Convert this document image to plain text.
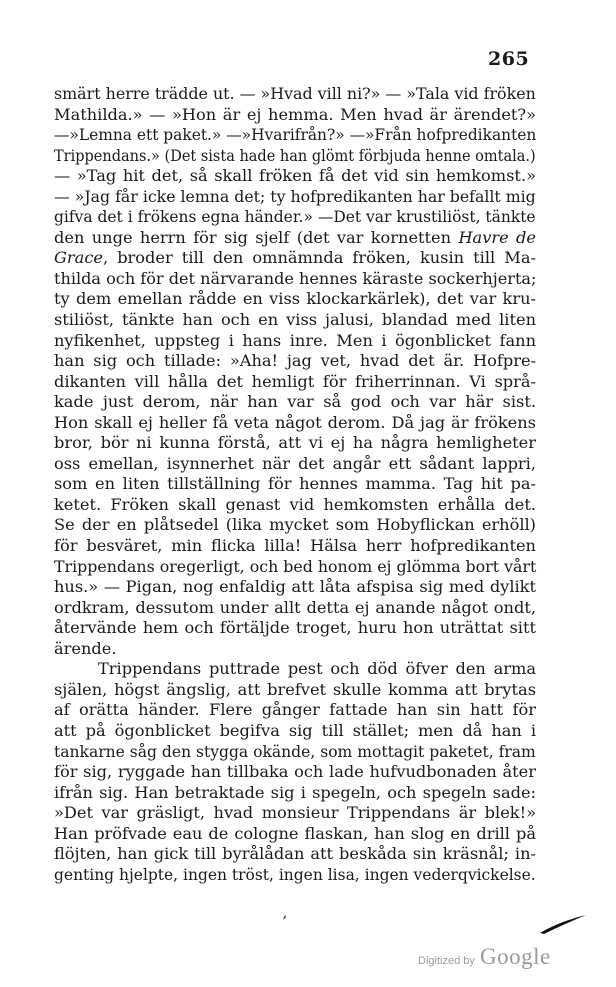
265
smärt herre trädde ut. — »Hvad vill ni?» — »Tala vid fröken
Mathilda.» — »Hon är ej hemma. Men hvad är ärendet?»
—»Lemna ett paket.» —»Hvarifrån?» —»Från hofpredikanten
Trippendans.» (Det sista hade han glömt förbjuda henne omtala.)
— »Tag hit det, så skall fröken få det vid sin hemkomst.»
— »Jag får icke lemna det; ty hofpredikanten har befallt mig
gifva det i frökens egna händer.» —Det var krustiliöst, tänkte
den unge herrn för sig sjelf (det var kornetten Havre de
Grace, broder till den omnämnda fröken, kusin till Ma-
thilda och för det närvarande hennes käraste sockerhjerta;
ty dem emellan rådde en viss klockarkärlek), det var kru-
stiliöst, tänkte han och en viss jalusi, blandad med liten
nyfikenhet, uppsteg i hans inre. Men i ögonblicket fann
han sig och tillade: »Aha! jag vet, hvad det är. Hofpre-
dikanten vill hålla det hemligt för friherrinnan. Vi språ-
kade just derom, när han var så god och var här sist.
Hon skall ej heller få veta något derom. Då jag är frökens
bror, bör ni kunna förstå, att vi ej ha några hemligheter
oss emellan, isynnerhet när det angår ett sådant lappri,
som en liten tillställning för hennes mamma. Tag hit pa-
ketet. Fröken skall genast vid hemkomsten erhålla det.
Se der en plåtsedel (lika mycket som Hobyflickan erhöll)
för besväret, min flicka lilla! Hälsa herr hofpredikanten
Trippendans oregerligt, och bed honom ej glömma bort vårt
hus.» — Pigan, nog enfaldig att låta afspisa sig med dylikt
ordkram, dessutom under allt detta ej anande något ondt,
återvände hem och förtäljde troget, huru hon uträttat sitt
ärende.
Trippendans puttrade pest och död öfver den arma
själen, högst ängslig, att brefvet skulle komma att brytas
af orätta händer. Flere gånger fattade han sin hatt för
att på ögonblicket begifva sig till stället; men då han i
tankarne såg den stygga okände, som mottagit paketet, fram
för sig, ryggade han tillbaka och lade hufvudbonaden åter
ifrån sig. Han betraktade sig i spegeln, och spegeln sade:
»Det var gräsligt, hvad monsieur Trippendans är blek!»
Han pröfvade eau de cologne flaskan, han slog en drill på
flöjten, han gick till byrålådan att beskåda sin kräsnål; in-
genting hjelpte, ingen tröst, ingen lisa, ingen vederqvickelse.
’
Digitized by Google
